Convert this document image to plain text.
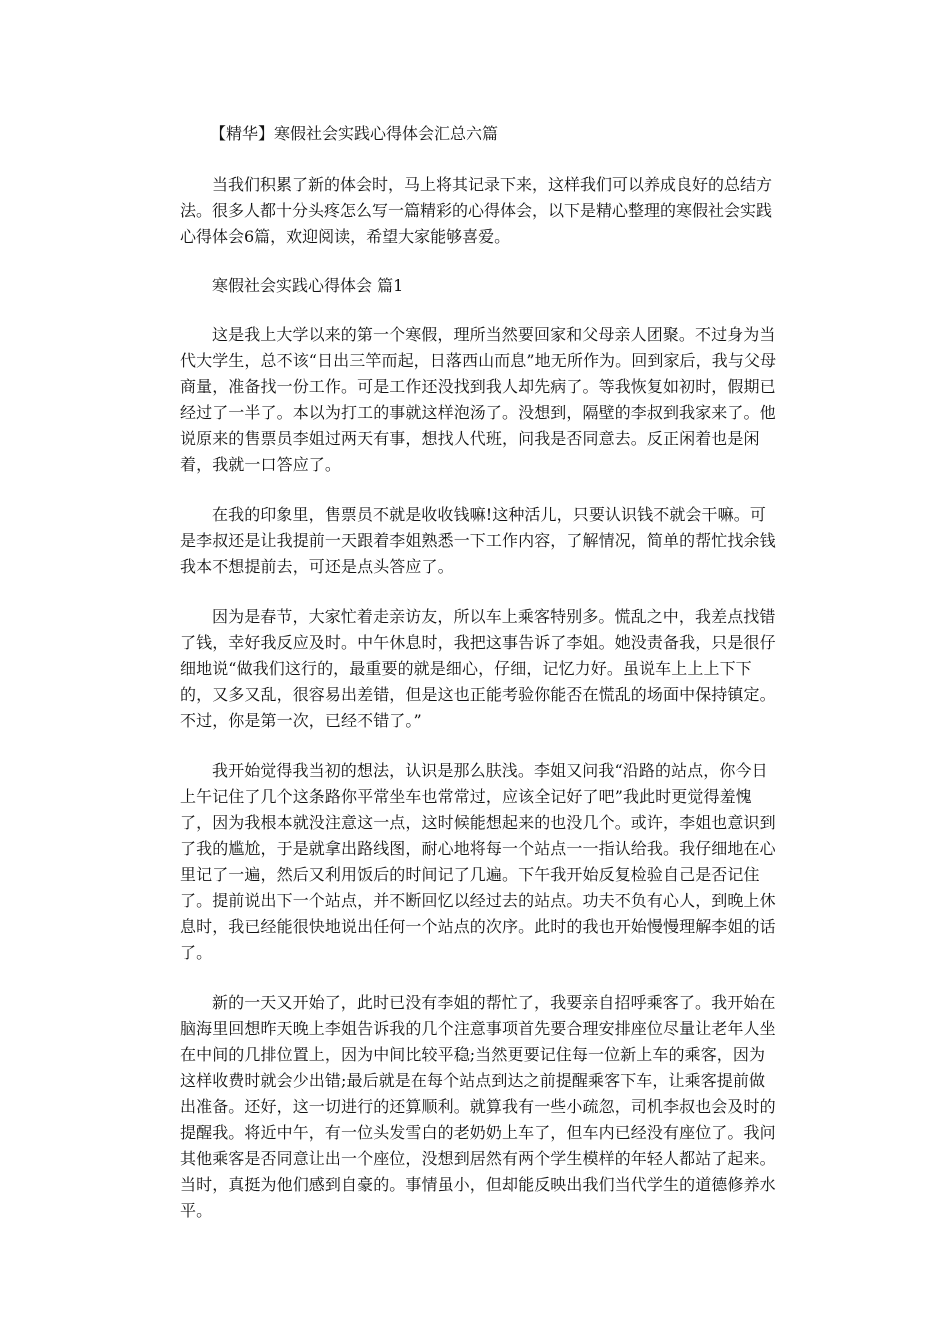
【精华】寒假社会实践心得体会汇总六篇

当我们积累了新的体会时，马上将其记录下来，这样我们可以养成良好的总结方法。很多人都十分头疼怎么写一篇精彩的心得体会，以下是精心整理的寒假社会实践心得体会6篇，欢迎阅读，希望大家能够喜爱。

寒假社会实践心得体会 篇1

这是我上大学以来的第一个寒假，理所当然要回家和父母亲人团聚。不过身为当代大学生，总不该“日出三竿而起，日落西山而息”地无所作为。回到家后，我与父母商量，准备找一份工作。可是工作还没找到我人却先病了。等我恢复如初时，假期已经过了一半了。本以为打工的事就这样泡汤了。没想到，隔壁的李叔到我家来了。他说原来的售票员李姐过两天有事，想找人代班，问我是否同意去。反正闲着也是闲着，我就一口答应了。

在我的印象里，售票员不就是收收钱嘛!这种活儿，只要认识钱不就会干嘛。可是李叔还是让我提前一天跟着李姐熟悉一下工作内容，了解情况，简单的帮忙找余钱我本不想提前去，可还是点头答应了。

因为是春节，大家忙着走亲访友，所以车上乘客特别多。慌乱之中，我差点找错了钱，幸好我反应及时。中午休息时，我把这事告诉了李姐。她没责备我，只是很仔细地说“做我们这行的，最重要的就是细心，仔细，记忆力好。虽说车上上上下下的，又多又乱，很容易出差错，但是这也正能考验你能否在慌乱的场面中保持镇定。不过，你是第一次，已经不错了。”

我开始觉得我当初的想法，认识是那么肤浅。李姐又问我“沿路的站点，你今日上午记住了几个这条路你平常坐车也常常过，应该全记好了吧”我此时更觉得羞愧了，因为我根本就没注意这一点，这时候能想起来的也没几个。或许，李姐也意识到了我的尴尬，于是就拿出路线图，耐心地将每一个站点一一指认给我。我仔细地在心里记了一遍，然后又利用饭后的时间记了几遍。下午我开始反复检验自己是否记住了。提前说出下一个站点，并不断回忆以经过去的站点。功夫不负有心人，到晚上休息时，我已经能很快地说出任何一个站点的次序。此时的我也开始慢慢理解李姐的话了。

新的一天又开始了，此时已没有李姐的帮忙了，我要亲自招呼乘客了。我开始在脑海里回想昨天晚上李姐告诉我的几个注意事项首先要合理安排座位尽量让老年人坐在中间的几排位置上，因为中间比较平稳;当然更要记住每一位新上车的乘客，因为这样收费时就会少出错;最后就是在每个站点到达之前提醒乘客下车，让乘客提前做出准备。还好，这一切进行的还算顺利。就算我有一些小疏忽，司机李叔也会及时的提醒我。将近中午，有一位头发雪白的老奶奶上车了，但车内已经没有座位了。我问其他乘客是否同意让出一个座位，没想到居然有两个学生模样的年轻人都站了起来。当时，真挺为他们感到自豪的。事情虽小，但却能反映出我们当代学生的道德修养水平。
